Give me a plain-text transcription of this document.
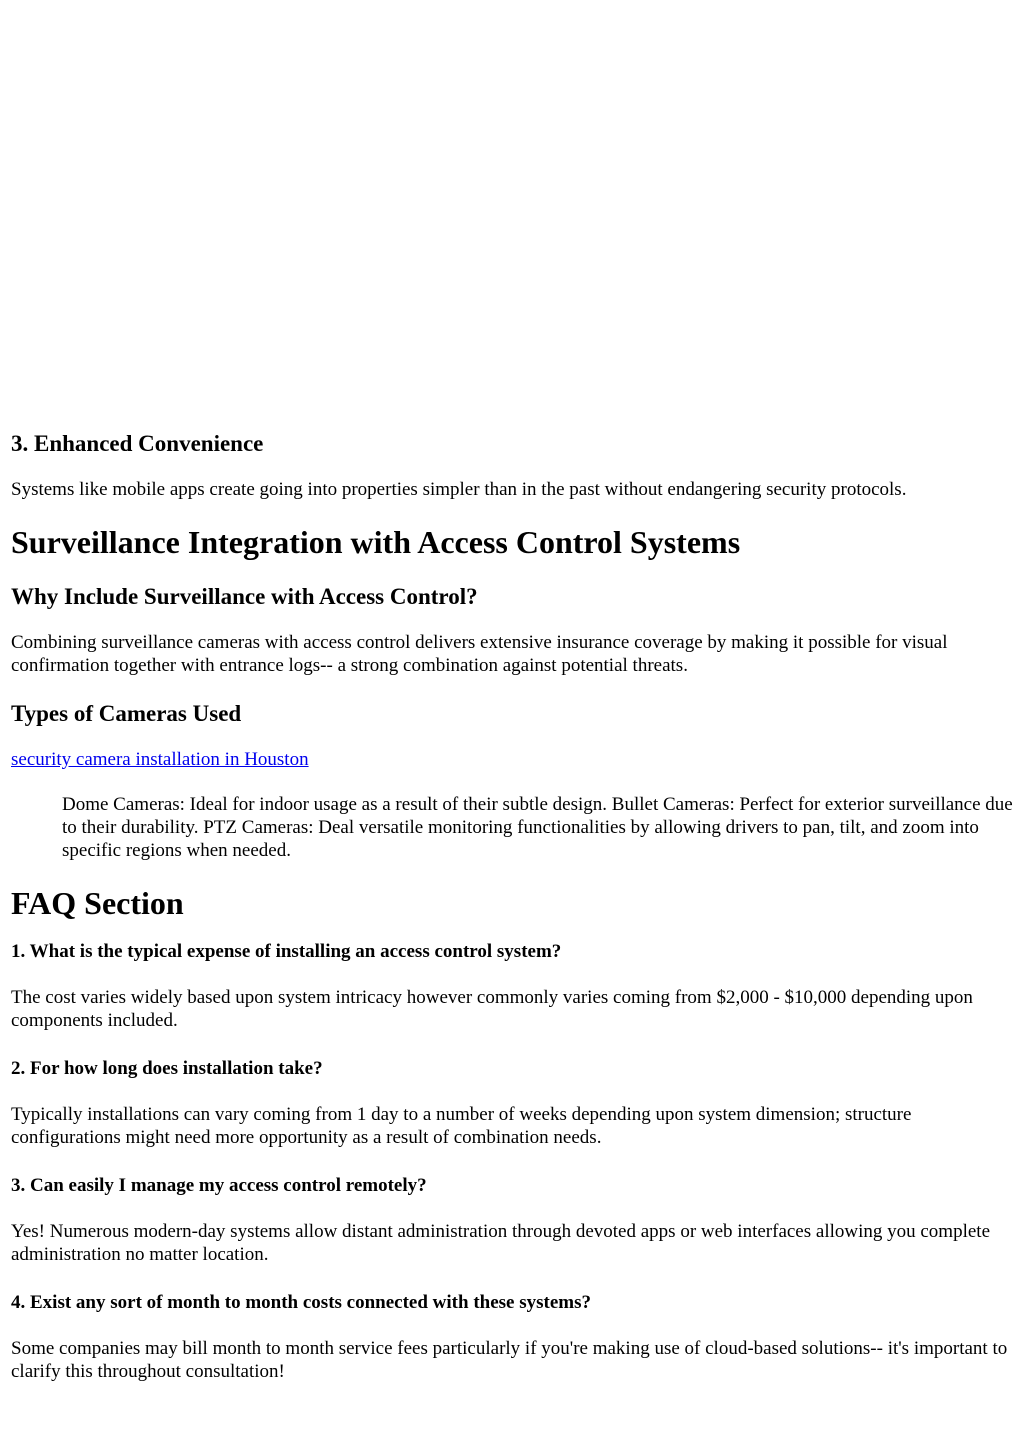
3. Enhanced Convenience

Systems like mobile apps create going into properties simpler than in the past without endangering security protocols.

Surveillance Integration with Access Control Systems
Why Include Surveillance with Access Control?

Combining surveillance cameras with access control delivers extensive insurance coverage by making it possible for visual confirmation together with entrance logs-- a strong combination against potential threats.

Types of Cameras Used
security camera installation in Houston
Dome Cameras: Ideal for indoor usage as a result of their subtle design. Bullet Cameras: Perfect for exterior surveillance due to their durability. PTZ Cameras: Deal versatile monitoring functionalities by allowing drivers to pan, tilt, and zoom into specific regions when needed.
FAQ Section
1. What is the typical expense of installing an access control system?

The cost varies widely based upon system intricacy however commonly varies coming from $2,000 - $10,000 depending upon components included.

2. For how long does installation take?

Typically installations can vary coming from 1 day to a number of weeks depending upon system dimension; structure configurations might need more opportunity as a result of combination needs.

3. Can easily I manage my access control remotely?

Yes! Numerous modern-day systems allow distant administration through devoted apps or web interfaces allowing you complete administration no matter location.

4. Exist any sort of month to month costs connected with these systems?

Some companies may bill month to month service fees particularly if you're making use of cloud-based solutions-- it's important to clarify this throughout consultation!
